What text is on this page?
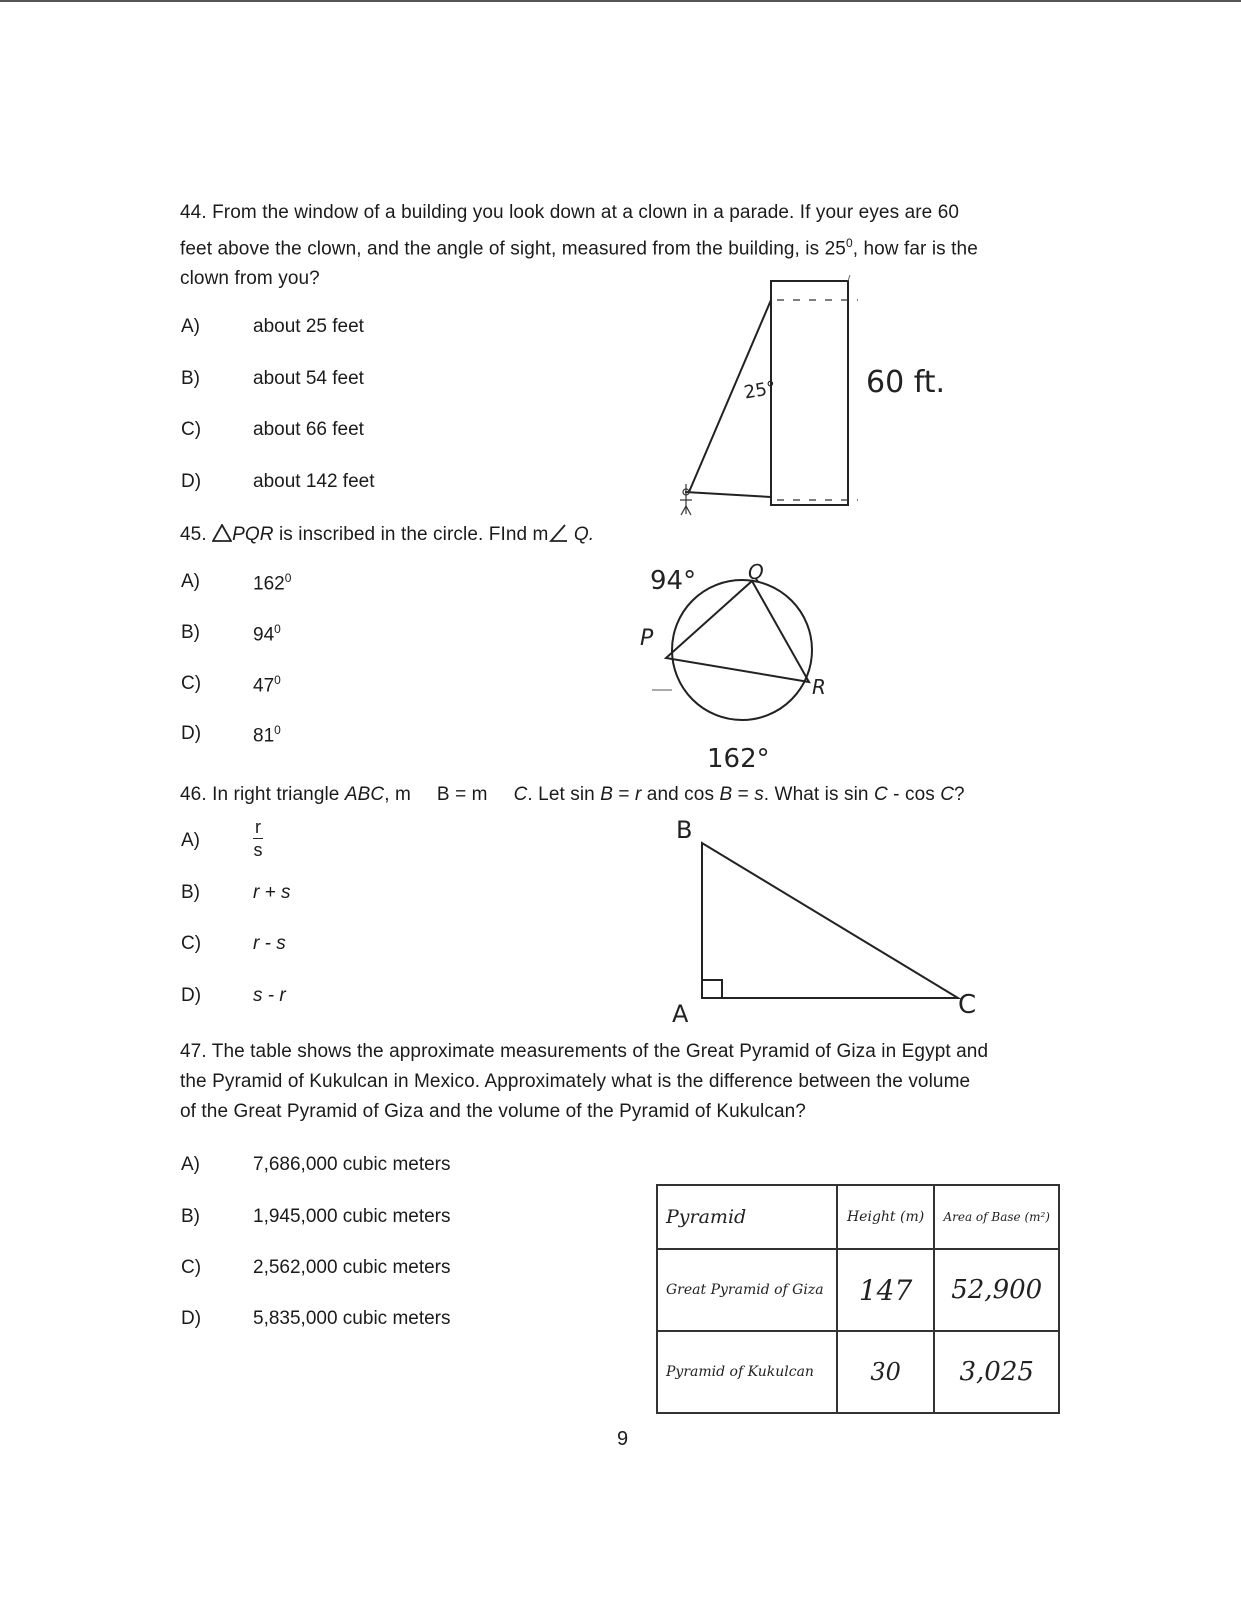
44. From the window of a building you look down at a clown in a parade. If your eyes are 60
feet above the clown, and the angle of sight, measured from the building, is $25^0$, how far is the
clown from you?
A)	about 25 feet
B)	about 54 feet
C)	about 66 feet
D)	about 142 feet
25°	60 ft.
45. PQR is inscribed in the circle. FInd m Q.
A)	$162^0$
B)	$94^0$
C)	$47^0$
D)	$81^0$
94°	Q
P
R
162°
46. In right triangle ABC, m B = m C. Let sin B = r and cos B = s. What is sin C - cos C?
A)	$\frac{r}{s}$
B)	r + s
C)	r - s
D)	s - r
B
A	C
47. The table shows the approximate measurements of the Great Pyramid of Giza in Egypt and
the Pyramid of Kukulcan in Mexico. Approximately what is the difference between the volume
of the Great Pyramid of Giza and the volume of the Pyramid of Kukulcan?
A)	7,686,000 cubic meters
B)	1,945,000 cubic meters
C)	2,562,000 cubic meters
D)	5,835,000 cubic meters
Pyramid	Height (m)	Area of Base (m²)
Great Pyramid of Giza	147	52,900
Pyramid of Kukulcan	30	3,025
9
